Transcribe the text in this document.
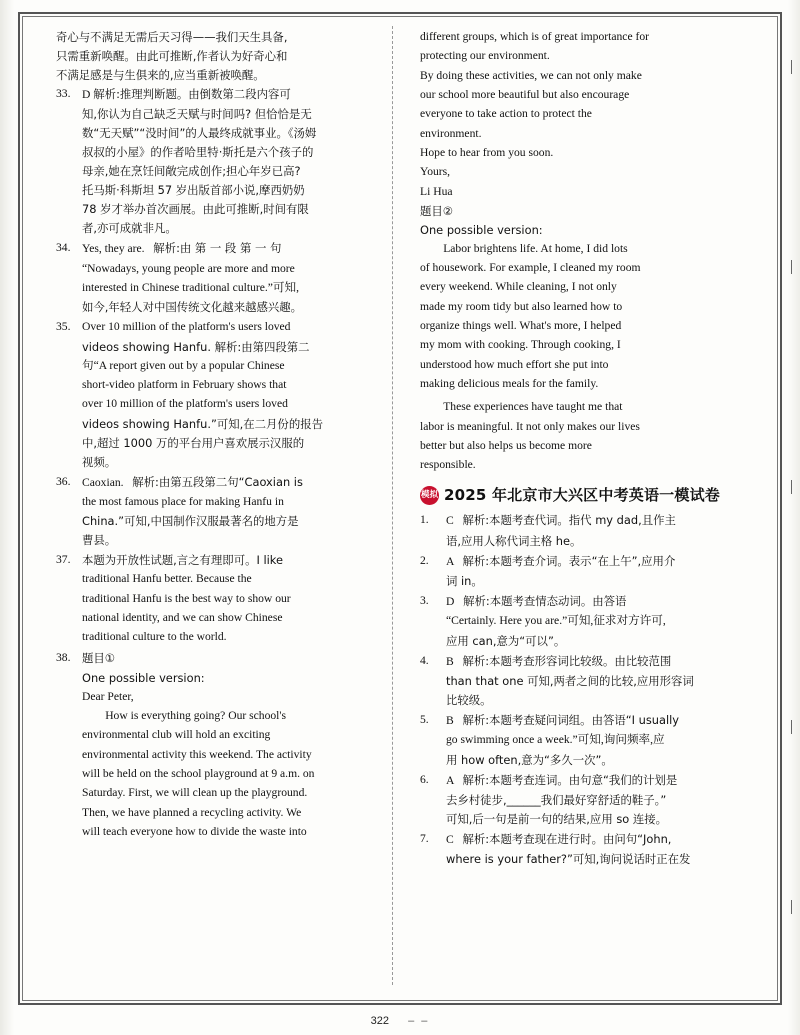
奇心与不满足无需后天习得——我们天生具备,

只需重新唤醒。由此可推断,作者认为好奇心和

不满足感是与生俱来的,应当重新被唤醒。

33. D 解析:推理判断题。由倒数第二段内容可

知,你认为自己缺乏天赋与时间吗? 但恰恰是无

数“无天赋”“没时间”的人最终成就事业。《汤姆

叔叔的小屋》的作者哈里特·斯托是六个孩子的

母亲,她在烹饪间敞完成创作;担心年岁已高?

托马斯·科斯坦 57 岁出版首部小说,摩西奶奶

78 岁才举办首次画展。由此可推断,时间有限

者,亦可成就非凡。

34. Yes, they are. 解析:由 第 一 段 第 一 句

“Nowadays, young people are more and more

interested in Chinese traditional culture.”可知,

如今,年轻人对中国传统文化越来越感兴趣。

35. Over 10 million of the platform's users loved

videos showing Hanfu. 解析:由第四段第二

句“A report given out by a popular Chinese

short-video platform in February shows that

over 10 million of the platform's users loved

videos showing Hanfu.”可知,在二月份的报告

中,超过 1000 万的平台用户喜欢展示汉服的

视频。

36. Caoxian. 解析:由第五段第二句“Caoxian is

the most famous place for making Hanfu in

China.”可知,中国制作汉服最著名的地方是

曹县。

37.	本题为开放性试题,言之有理即可。I like

traditional Hanfu better. Because the

traditional Hanfu is the best way to show our

national identity, and we can show Chinese

traditional culture to the world.

38.	题目①

One possible version:

Dear Peter,

How is everything going? Our school's

environmental club will hold an exciting

environmental activity this weekend. The activity

will be held on the school playground at 9 a.m. on

Saturday. First, we will clean up the playground.

Then, we have planned a recycling activity. We

will teach everyone how to divide the waste into

different groups, which is of great importance for

protecting our environment.

By doing these activities, we can not only make

our school more beautiful but also encourage

everyone to take action to protect the

environment.

Hope to hear from you soon.

Yours,

Li Hua

题目②

One possible version:

Labor brightens life. At home, I did lots

of housework. For example, I cleaned my room

every weekend. While cleaning, I not only

made my room tidy but also learned how to

organize things well. What's more, I helped

my mom with cooking. Through cooking, I

understood how much effort she put into

making delicious meals for the family.

These experiences have taught me that

labor is meaningful. It not only makes our lives

better but also helps us become more

responsible.

模拟 2025 年北京市大兴区中考英语一模试卷
1.	C 解析:本题考查代词。指代 my dad,且作主

语,应用人称代词主格 he。

2.	A 解析:本题考查介词。表示“在上午”,应用介

词 in。

3.	D 解析:本题考查情态动词。由答语

“Certainly. Here you are.”可知,征求对方许可,

应用 can,意为“可以”。

4.	B 解析:本题考查形容词比较级。由比较范围

than that one 可知,两者之间的比较,应用形容词

比较级。

5.	B 解析:本题考查疑问词组。由答语“I usually

go swimming once a week.”可知,询问频率,应

用 how often,意为“多久一次”。

6.	A 解析:本题考查连词。由句意“我们的计划是

去乡村徒步,______我们最好穿舒适的鞋子。”

可知,后一句是前一句的结果,应用 so 连接。

7.	C 解析:本题考查现在进行时。由问句“John,

where is your father?”可知,询问说话时正在发

322 – –
